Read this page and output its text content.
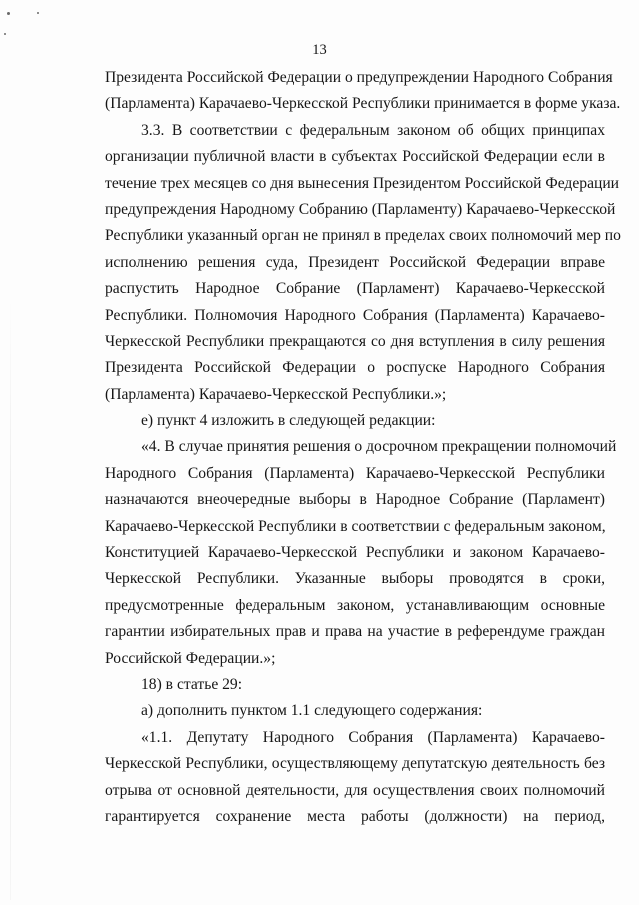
13
Президента Российской Федерации о предупреждении Народного Собрания
(Парламента) Карачаево-Черкесской Республики принимается в форме указа.
3.3. В соответствии с федеральным законом об общих принципах
организации публичной власти в субъектах Российской Федерации если в
течение трех месяцев со дня вынесения Президентом Российской Федерации
предупреждения Народному Собранию (Парламенту) Карачаево-Черкесской
Республики указанный орган не принял в пределах своих полномочий мер по
исполнению решения суда, Президент Российской Федерации вправе
распустить Народное Собрание (Парламент) Карачаево-Черкесской
Республики. Полномочия Народного Собрания (Парламента) Карачаево-
Черкесской Республики прекращаются со дня вступления в силу решения
Президента Российской Федерации о роспуске Народного Собрания
(Парламента) Карачаево-Черкесской Республики.»;
е) пункт 4 изложить в следующей редакции:
«4. В случае принятия решения о досрочном прекращении полномочий
Народного Собрания (Парламента) Карачаево-Черкесской Республики
назначаются внеочередные выборы в Народное Собрание (Парламент)
Карачаево-Черкесской Республики в соответствии с федеральным законом,
Конституцией Карачаево-Черкесской Республики и законом Карачаево-
Черкесской Республики. Указанные выборы проводятся в сроки,
предусмотренные федеральным законом, устанавливающим основные
гарантии избирательных прав и права на участие в референдуме граждан
Российской Федерации.»;
18) в статье 29:
а) дополнить пунктом 1.1 следующего содержания:
«1.1. Депутату Народного Собрания (Парламента) Карачаево-
Черкесской Республики, осуществляющему депутатскую деятельность без
отрыва от основной деятельности, для осуществления своих полномочий
гарантируется сохранение места работы (должности) на период,
